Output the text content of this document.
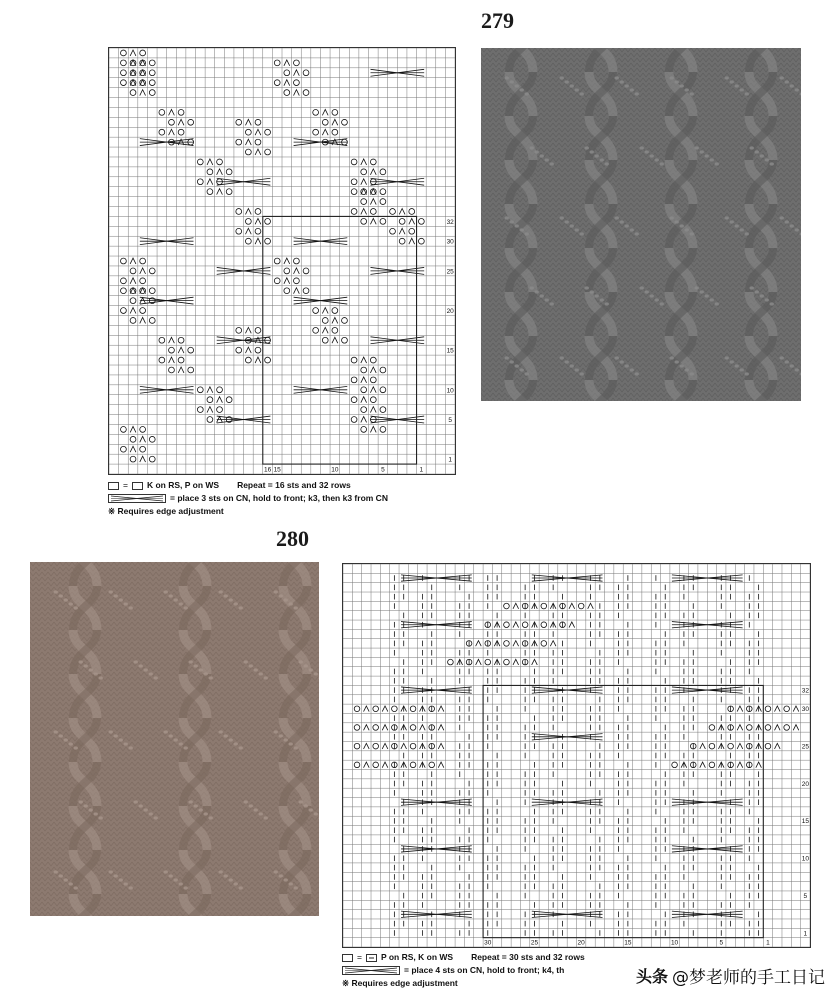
279
32
30
25
20
15
10
5
1
16 15	10	5	1
= K on RS, P on WS Repeat = 16 sts and 32 rows
= place 3 sts on CN, hold to front; k3, then k3 from CN
※ Requires edge adjustment
280
32
30
25
20
15
10
5
1
30	25	20	15	10	5	1
= P on RS, K on WS Repeat = 30 sts and 32 rows
= place 4 sts on CN, hold to front; k4, th
※ Requires edge adjustment	头条 @梦老师的手工日记
